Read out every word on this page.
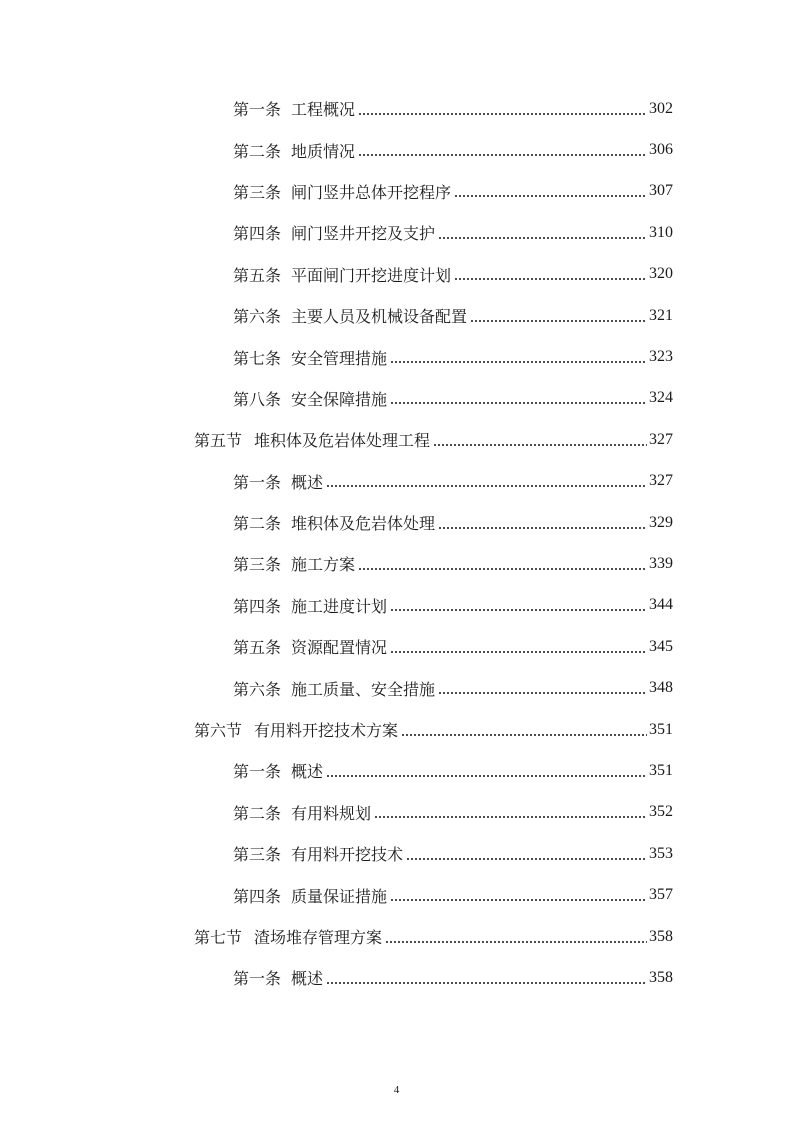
第一条 工程概况	302
第二条 地质情况	306
第三条 闸门竖井总体开挖程序	307
第四条 闸门竖井开挖及支护	310
第五条 平面闸门开挖进度计划	320
第六条 主要人员及机械设备配置	321
第七条 安全管理措施	323
第八条 安全保障措施	324
第五节 堆积体及危岩体处理工程	327
第一条 概述	327
第二条 堆积体及危岩体处理	329
第三条 施工方案	339
第四条 施工进度计划	344
第五条 资源配置情况	345
第六条 施工质量、安全措施	348
第六节 有用料开挖技术方案	351
第一条 概述	351
第二条 有用料规划	352
第三条 有用料开挖技术	353
第四条 质量保证措施	357
第七节 渣场堆存管理方案	358
第一条 概述	358
4
